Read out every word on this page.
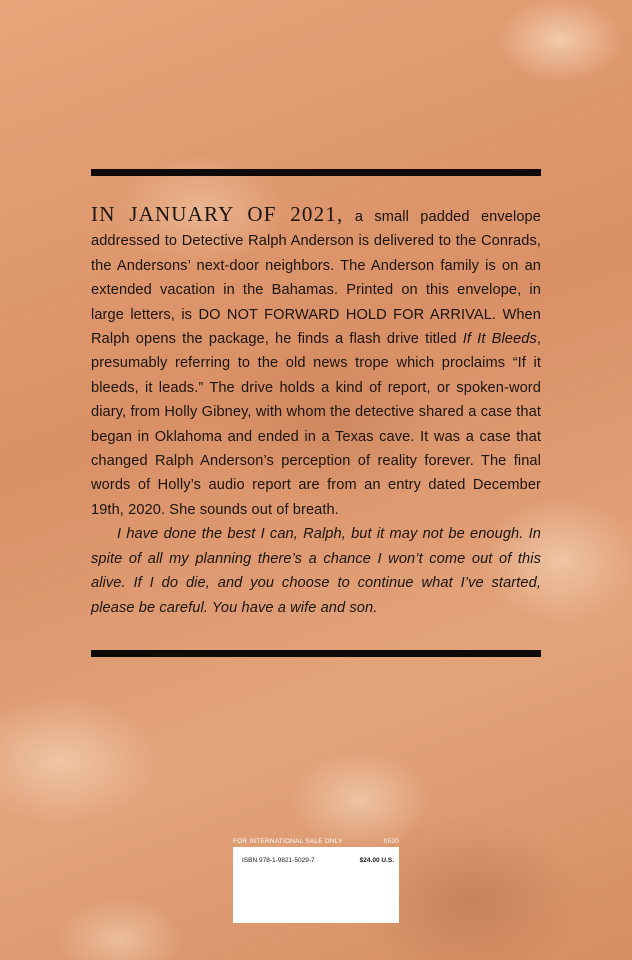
IN JANUARY OF 2021, a small padded envelope addressed to Detective Ralph Anderson is delivered to the Conrads, the Andersons’ next-door neighbors. The Anderson family is on an extended vacation in the Bahamas. Printed on this envelope, in large letters, is DO NOT FORWARD HOLD FOR ARRIVAL. When Ralph opens the package, he finds a flash drive titled If It Bleeds, presumably referring to the old news trope which proclaims “If it bleeds, it leads.” The drive holds a kind of report, or spoken-word diary, from Holly Gibney, with whom the detective shared a case that began in Oklahoma and ended in a Texas cave. It was a case that changed Ralph Anderson’s perception of reality forever. The final words of Holly’s audio report are from an entry dated December 19th, 2020. She sounds out of breath.

I have done the best I can, Ralph, but it may not be enough. In spite of all my planning there’s a chance I won’t come out of this alive. If I do die, and you choose to continue what I’ve started, please be careful. You have a wife and son.

FOR INTERNATIONAL SALE ONLY	0520
ISBN 978-1-9821-5029-7	$24.00 U.S.
